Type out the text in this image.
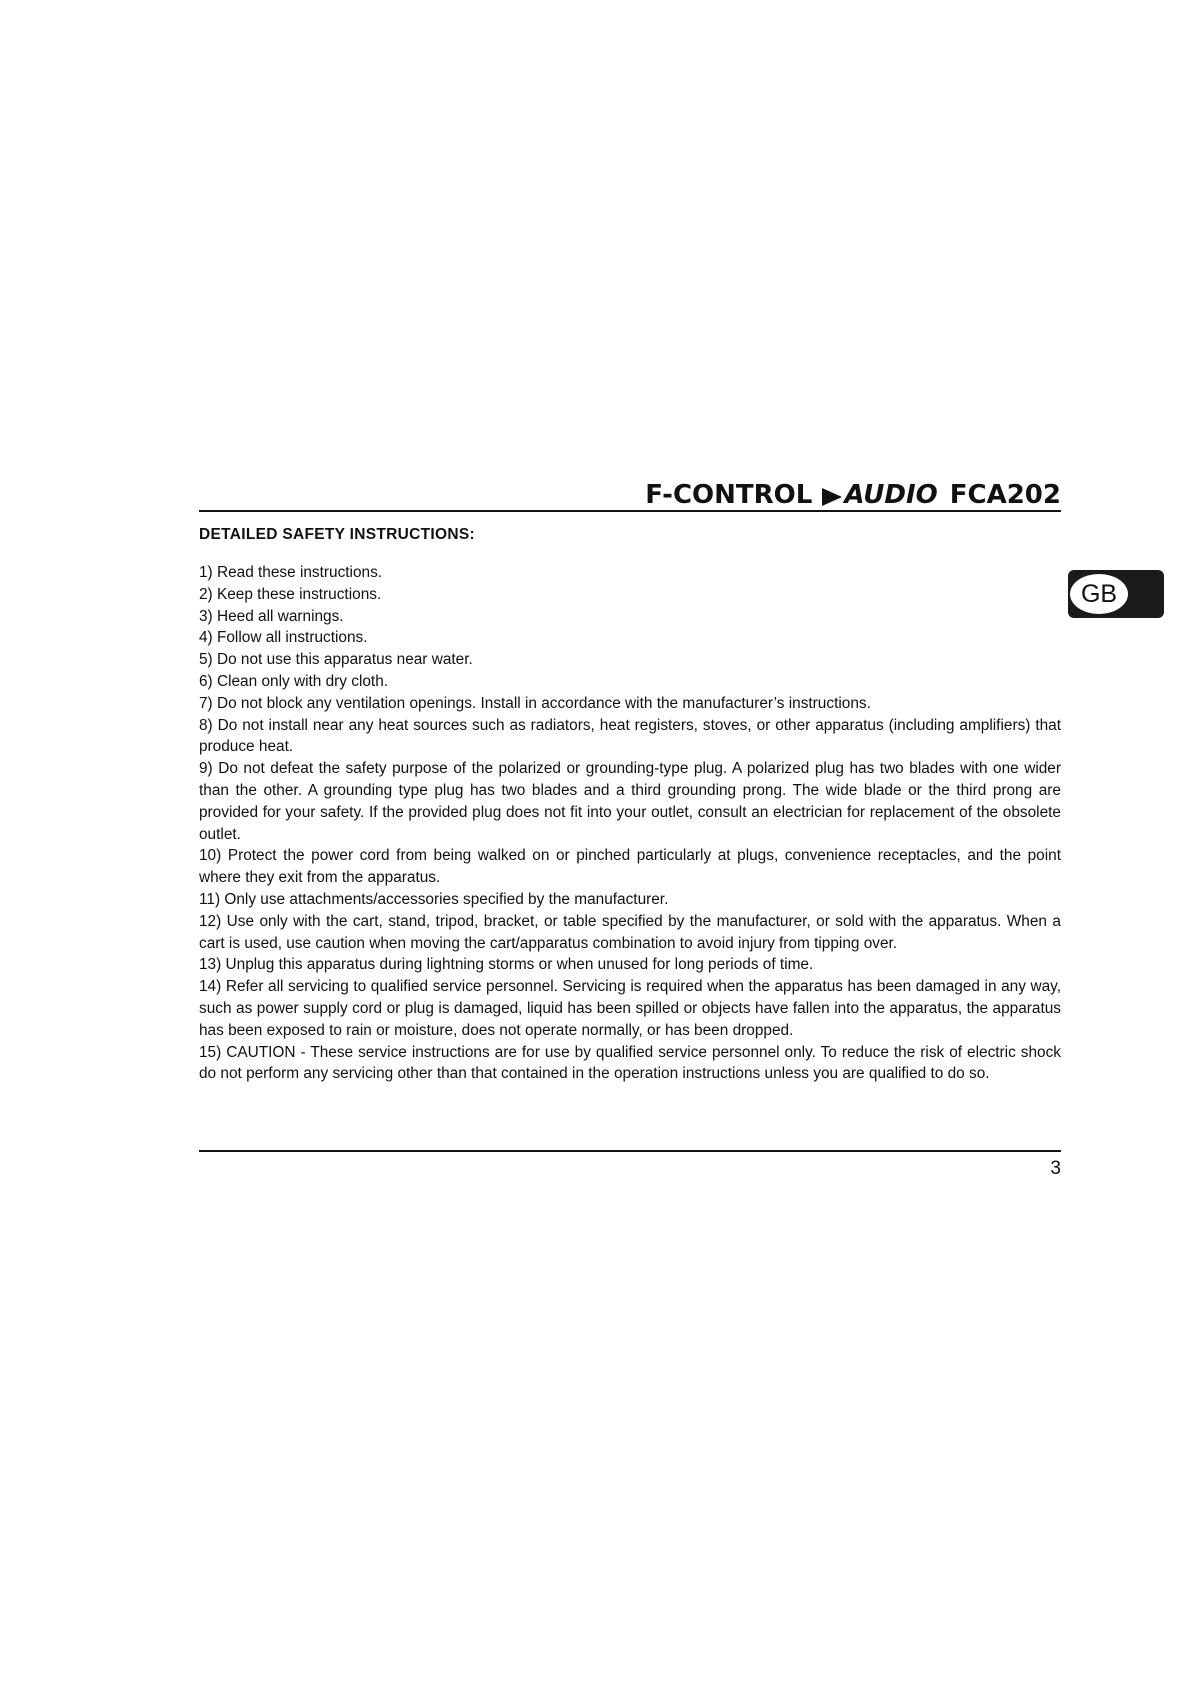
F-CONTROL AUDIO FCA202
GB
DETAILED SAFETY INSTRUCTIONS:
1) Read these instructions.
2) Keep these instructions.
3) Heed all warnings.
4) Follow all instructions.
5) Do not use this apparatus near water.
6) Clean only with dry cloth.
7) Do not block any ventilation openings. Install in accordance with the manufacturer’s instructions.
8) Do not install near any heat sources such as radiators, heat registers, stoves, or other apparatus (including amplifiers) that produce heat.
9) Do not defeat the safety purpose of the polarized or grounding-type plug. A polarized plug has two blades with one wider than the other. A grounding type plug has two blades and a third grounding prong. The wide blade or the third prong are provided for your safety. If the provided plug does not fit into your outlet, consult an electrician for replacement of the obsolete outlet.
10) Protect the power cord from being walked on or pinched particularly at plugs, convenience receptacles, and the point where they exit from the apparatus.
11) Only use attachments/accessories specified by the manufacturer.
12) Use only with the cart, stand, tripod, bracket, or table specified by the manufacturer, or sold with the apparatus. When a cart is used, use caution when moving the cart/apparatus combination to avoid injury from tipping over.
13) Unplug this apparatus during lightning storms or when unused for long periods of time.
14) Refer all servicing to qualified service personnel. Servicing is required when the apparatus has been damaged in any way, such as power supply cord or plug is damaged, liquid has been spilled or objects have fallen into the apparatus, the apparatus has been exposed to rain or moisture, does not operate normally, or has been dropped.
15) CAUTION - These service instructions are for use by qualified service personnel only. To reduce the risk of electric shock do not perform any servicing other than that contained in the operation instructions unless you are qualified to do so.
3
